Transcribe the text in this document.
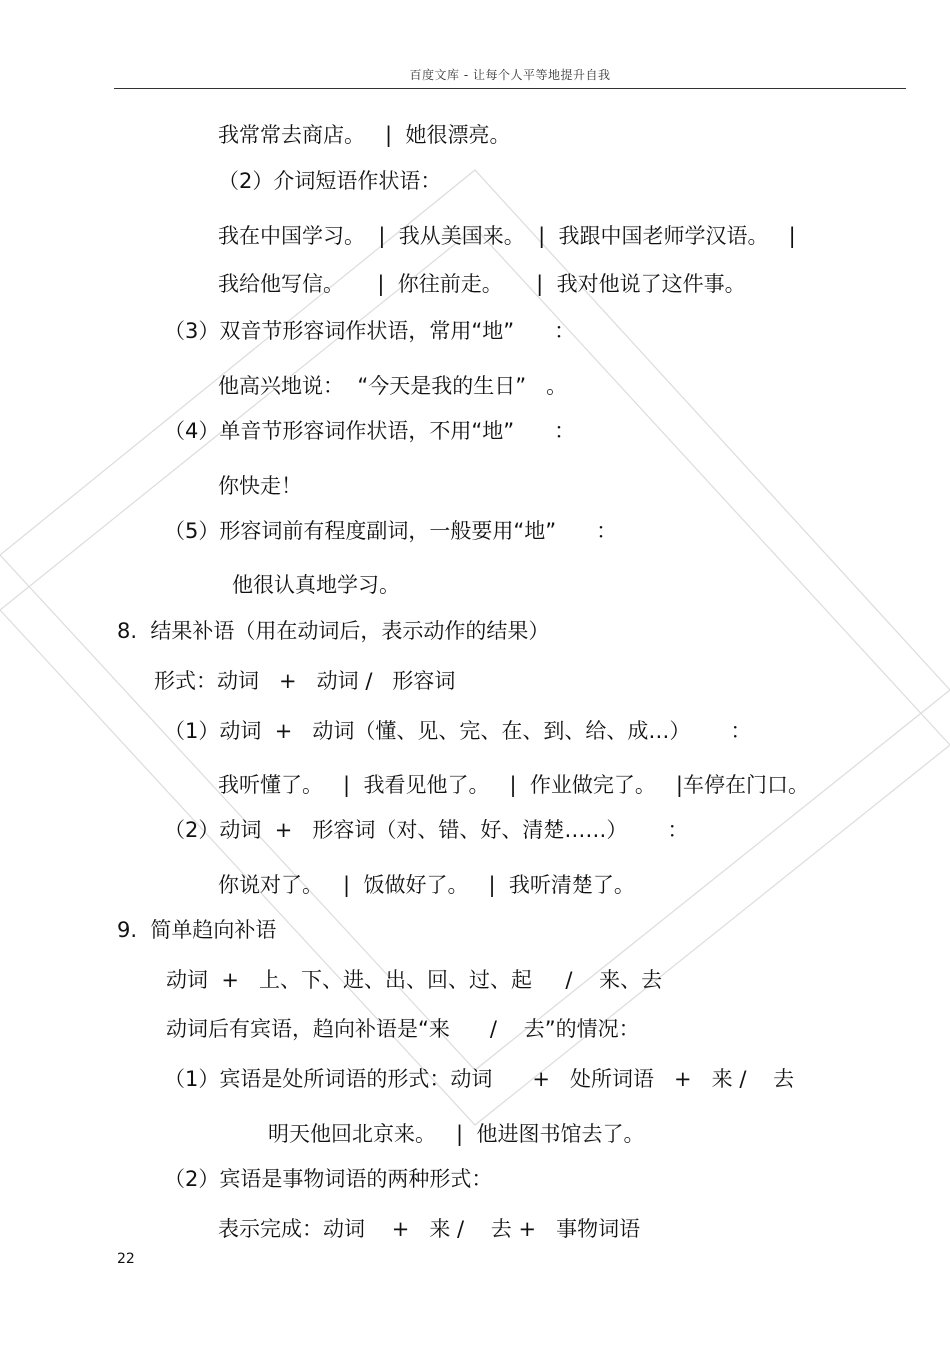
百度文库 - 让每个人平等地提升自我
我常常去商店。   |  她很漂亮。
（2）介词短语作状语：
我在中国学习。  |  我从美国来。  |  我跟中国老师学汉语。   |
我给他写信。     |  你往前走。     |  我对他说了这件事。
（3）双音节形容词作状语，常用“地”      ：
他高兴地说：  “今天是我的生日”   。
（4）单音节形容词作状语，不用“地”      ：
你快走！
（5）形容词前有程度副词，一般要用“地”      ：
他很认真地学习。
8.  结果补语（用在动词后，表示动作的结果）
形式：动词   +   动词 /   形容词
（1）动词  +   动词（懂、见、完、在、到、给、成…）      ：
我听懂了。   |  我看见他了。   |  作业做完了。   |车停在门口。
（2）动词  +   形容词（对、错、好、清楚……）      ：
你说对了。   |  饭做好了。   |  我听清楚了。
9.  简单趋向补语
动词  +   上、下、进、出、回、过、起     /    来、去
动词后有宾语，趋向补语是“来      /    去”的情况：
（1）宾语是处所词语的形式：动词      +   处所词语   +   来 /    去
明天他回北京来。   |  他进图书馆去了。
（2）宾语是事物词语的两种形式：
表示完成：动词    +   来 /    去 +   事物词语
22
